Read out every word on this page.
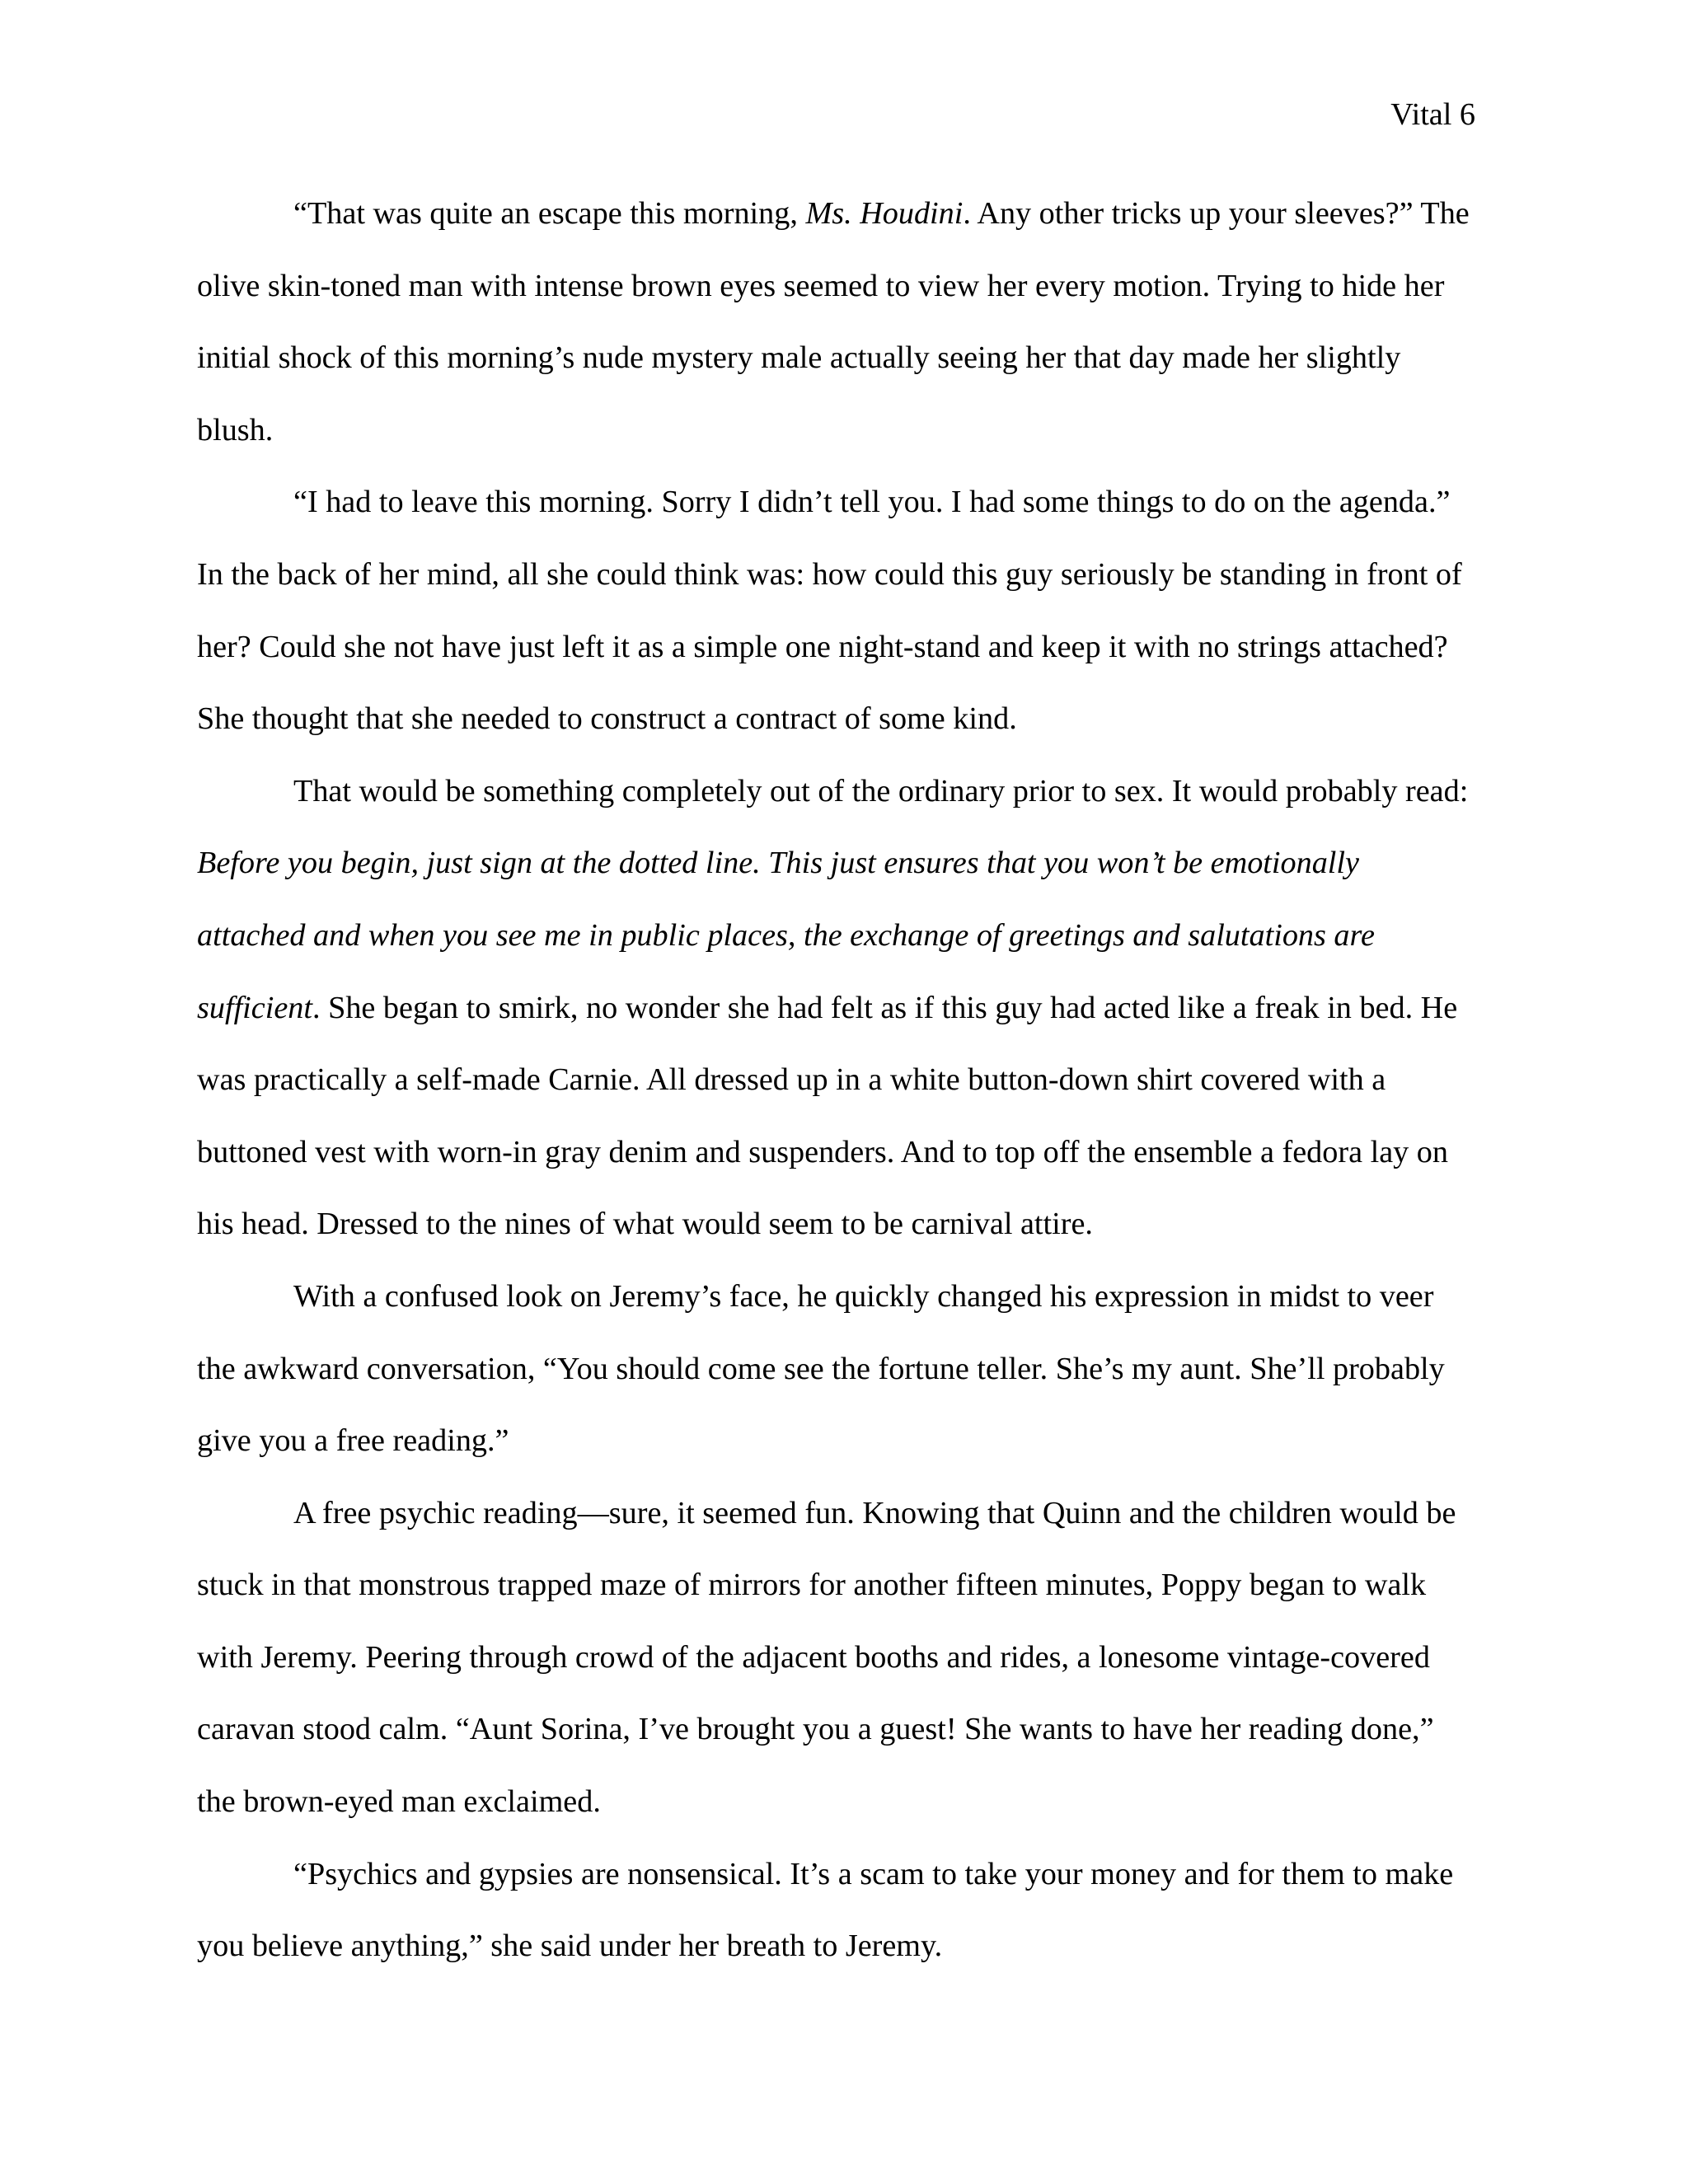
Vital 6
“That was quite an escape this morning, Ms. Houdini. Any other tricks up your sleeves?” The
olive skin-toned man with intense brown eyes seemed to view her every motion. Trying to hide her
initial shock of this morning’s nude mystery male actually seeing her that day made her slightly
blush.
“I had to leave this morning. Sorry I didn’t tell you. I had some things to do on the agenda.”
In the back of her mind, all she could think was: how could this guy seriously be standing in front of
her? Could she not have just left it as a simple one night-stand and keep it with no strings attached?
She thought that she needed to construct a contract of some kind.
That would be something completely out of the ordinary prior to sex. It would probably read:
Before you begin, just sign at the dotted line. This just ensures that you won’t be emotionally
attached and when you see me in public places, the exchange of greetings and salutations are
sufficient. She began to smirk, no wonder she had felt as if this guy had acted like a freak in bed. He
was practically a self-made Carnie. All dressed up in a white button-down shirt covered with a
buttoned vest with worn-in gray denim and suspenders. And to top off the ensemble a fedora lay on
his head. Dressed to the nines of what would seem to be carnival attire.
With a confused look on Jeremy’s face, he quickly changed his expression in midst to veer
the awkward conversation, “You should come see the fortune teller. She’s my aunt. She’ll probably
give you a free reading.”
A free psychic reading—sure, it seemed fun. Knowing that Quinn and the children would be
stuck in that monstrous trapped maze of mirrors for another fifteen minutes, Poppy began to walk
with Jeremy. Peering through crowd of the adjacent booths and rides, a lonesome vintage-covered
caravan stood calm. “Aunt Sorina, I’ve brought you a guest! She wants to have her reading done,”
the brown-eyed man exclaimed.
“Psychics and gypsies are nonsensical. It’s a scam to take your money and for them to make
you believe anything,” she said under her breath to Jeremy.
